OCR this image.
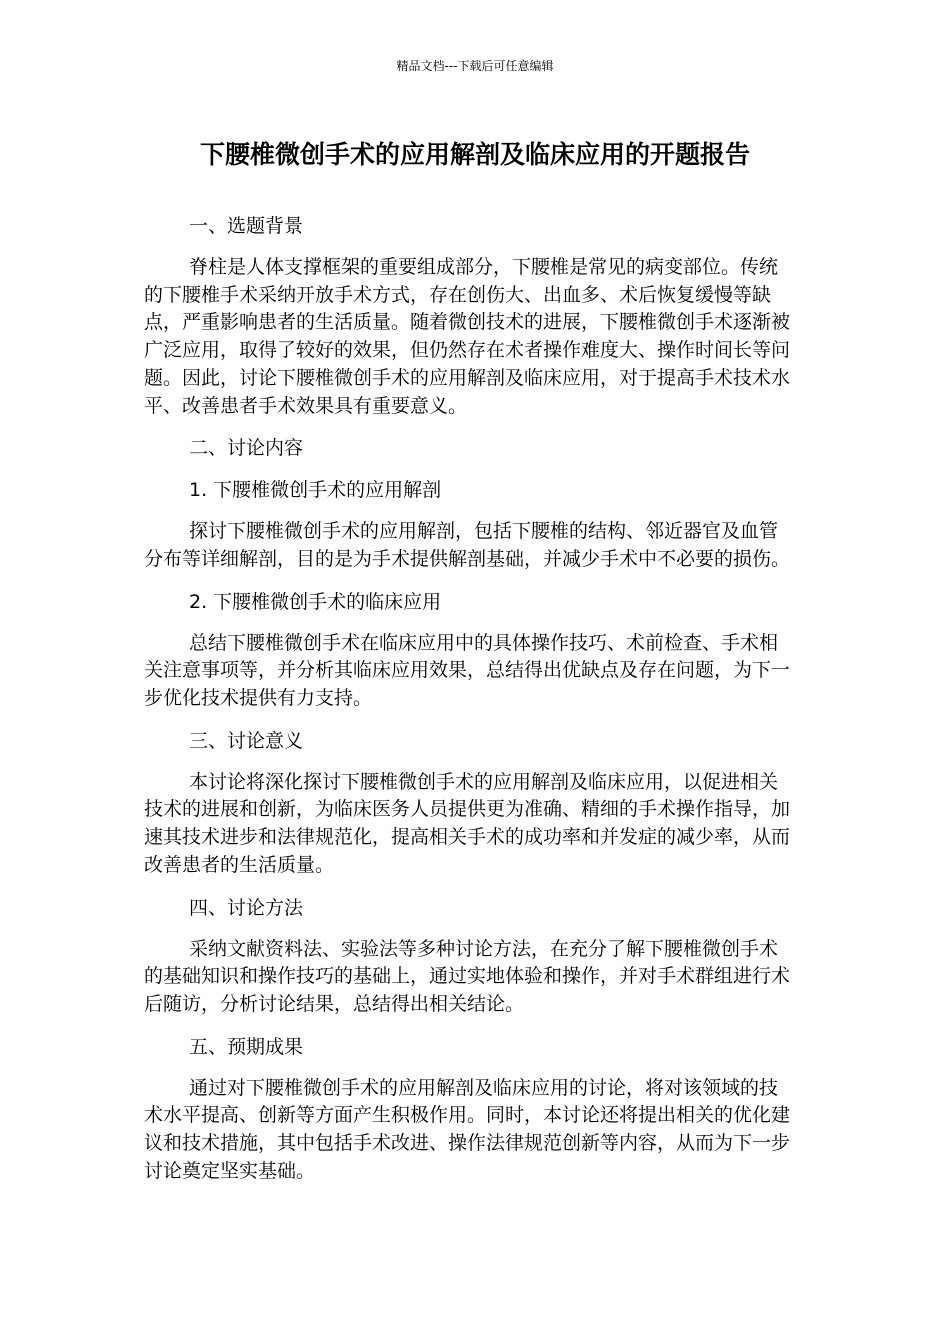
精品文档---下载后可任意编辑
下腰椎微创手术的应用解剖及临床应用的开题报告
一、选题背景
脊柱是人体支撑框架的重要组成部分，下腰椎是常见的病变部位。传统的下腰椎手术采纳开放手术方式，存在创伤大、出血多、术后恢复缓慢等缺点，严重影响患者的生活质量。随着微创技术的进展，下腰椎微创手术逐渐被广泛应用，取得了较好的效果，但仍然存在术者操作难度大、操作时间长等问题。因此，讨论下腰椎微创手术的应用解剖及临床应用，对于提高手术技术水平、改善患者手术效果具有重要意义。
二、讨论内容
1. 下腰椎微创手术的应用解剖
探讨下腰椎微创手术的应用解剖，包括下腰椎的结构、邻近器官及血管分布等详细解剖，目的是为手术提供解剖基础，并减少手术中不必要的损伤。
2. 下腰椎微创手术的临床应用
总结下腰椎微创手术在临床应用中的具体操作技巧、术前检查、手术相关注意事项等，并分析其临床应用效果，总结得出优缺点及存在问题，为下一步优化技术提供有力支持。
三、讨论意义
本讨论将深化探讨下腰椎微创手术的应用解剖及临床应用，以促进相关技术的进展和创新，为临床医务人员提供更为准确、精细的手术操作指导，加速其技术进步和法律规范化，提高相关手术的成功率和并发症的减少率，从而改善患者的生活质量。
四、讨论方法
采纳文献资料法、实验法等多种讨论方法，在充分了解下腰椎微创手术的基础知识和操作技巧的基础上，通过实地体验和操作，并对手术群组进行术后随访，分析讨论结果，总结得出相关结论。
五、预期成果
通过对下腰椎微创手术的应用解剖及临床应用的讨论，将对该领域的技术水平提高、创新等方面产生积极作用。同时，本讨论还将提出相关的优化建议和技术措施，其中包括手术改进、操作法律规范创新等内容，从而为下一步讨论奠定坚实基础。
